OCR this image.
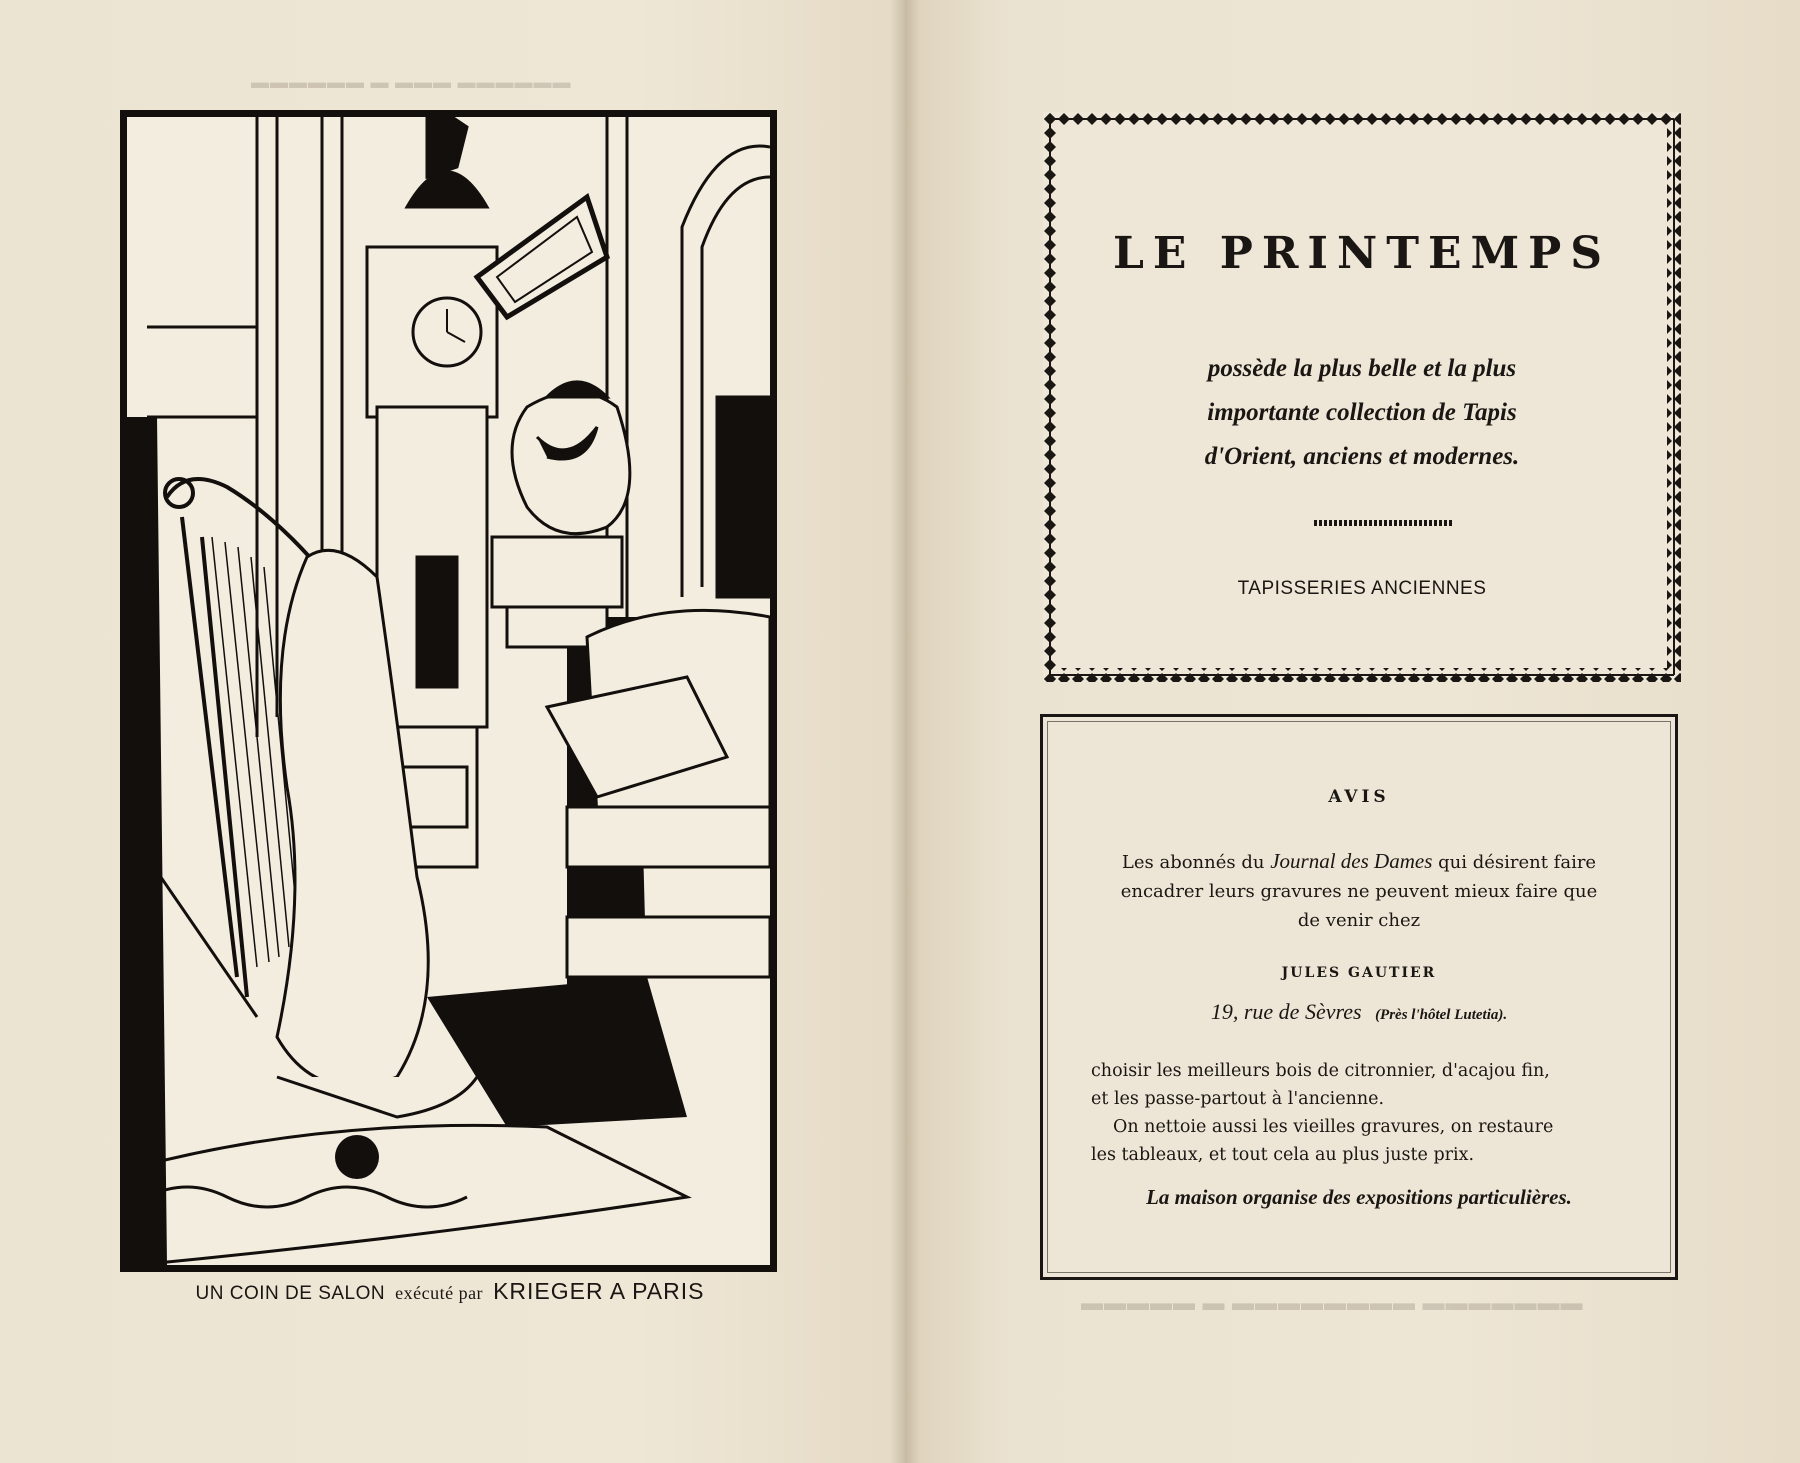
▬▬▬▬▬▬ ▬▬▬ ▬ ▬▬▬▬▬▬
▬▬▬▬▬▬▬ ▬▬▬▬▬▬▬▬ ▬ ▬▬▬▬▬
UN COIN DE SALON exécuté par KRIEGER A PARIS
LE PRINTEMPS
possède la plus belle et la plus
importante collection de Tapis
d'Orient, anciens et modernes.
TAPISSERIES ANCIENNES
AVIS
Les abonnés du Journal des Dames qui désirent faire
encadrer leurs gravures ne peuvent mieux faire que
de venir chez
JULES GAUTIER
19, rue de Sèvres (Près l'hôtel Lutetia).

choisir les meilleurs bois de citronnier, d'acajou fin,

et les passe-partout à l'ancienne.

On nettoie aussi les vieilles gravures, on restaure

les tableaux, et tout cela au plus juste prix.

La maison organise des expositions particulières.
